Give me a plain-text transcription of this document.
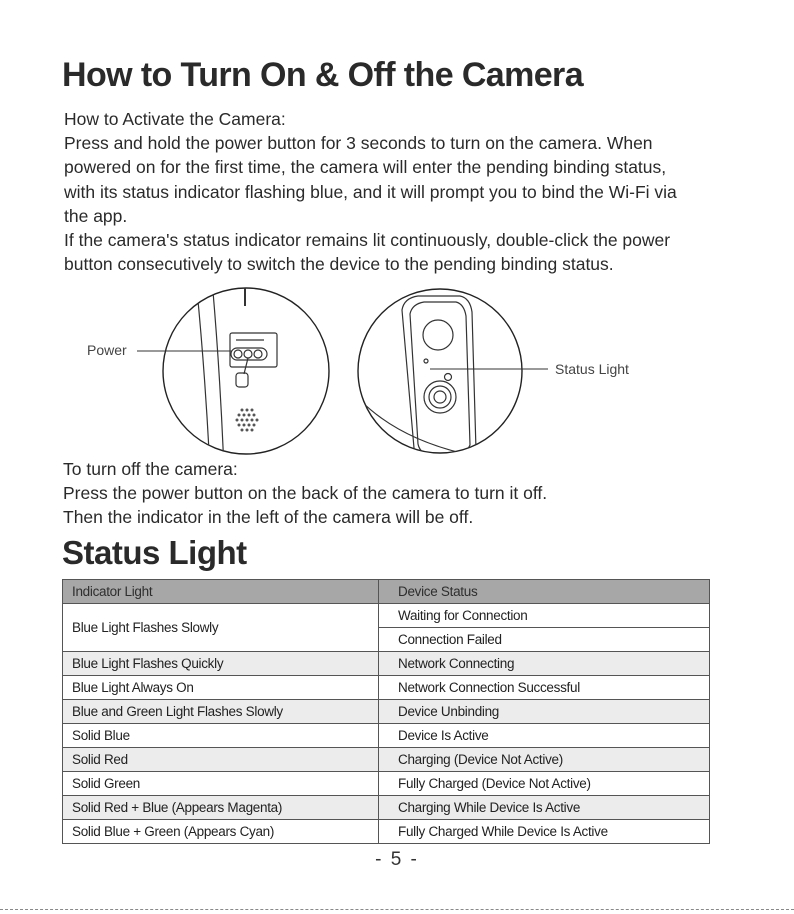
How to Turn On & Off the Camera
How to Activate the Camera:
Press and hold the power button for 3 seconds to turn on the camera. When
powered on for the first time, the camera will enter the pending binding status,
with its status indicator flashing blue, and it will prompt you to bind the Wi-Fi via
the app.
If the camera's status indicator remains lit continuously, double-click the power
button consecutively to switch the device to the pending binding status.
Power
Status Light
To turn off the camera:
Press the power button on the back of the camera to turn it off.
Then the indicator in the left of the camera will be off.
Status Light
Indicator Light	Device Status
Blue Light Flashes Slowly	Waiting for Connection
	Connection Failed
Blue Light Flashes Quickly	Network Connecting
Blue Light Always On	Network Connection Successful
Blue and Green Light Flashes Slowly	Device Unbinding
Solid Blue	Device Is Active
Solid Red	Charging (Device Not Active)
Solid Green	Fully Charged (Device Not Active)
Solid Red + Blue (Appears Magenta)	Charging While Device Is Active
Solid Blue + Green (Appears Cyan)	Fully Charged While Device Is Active
- 5 -
